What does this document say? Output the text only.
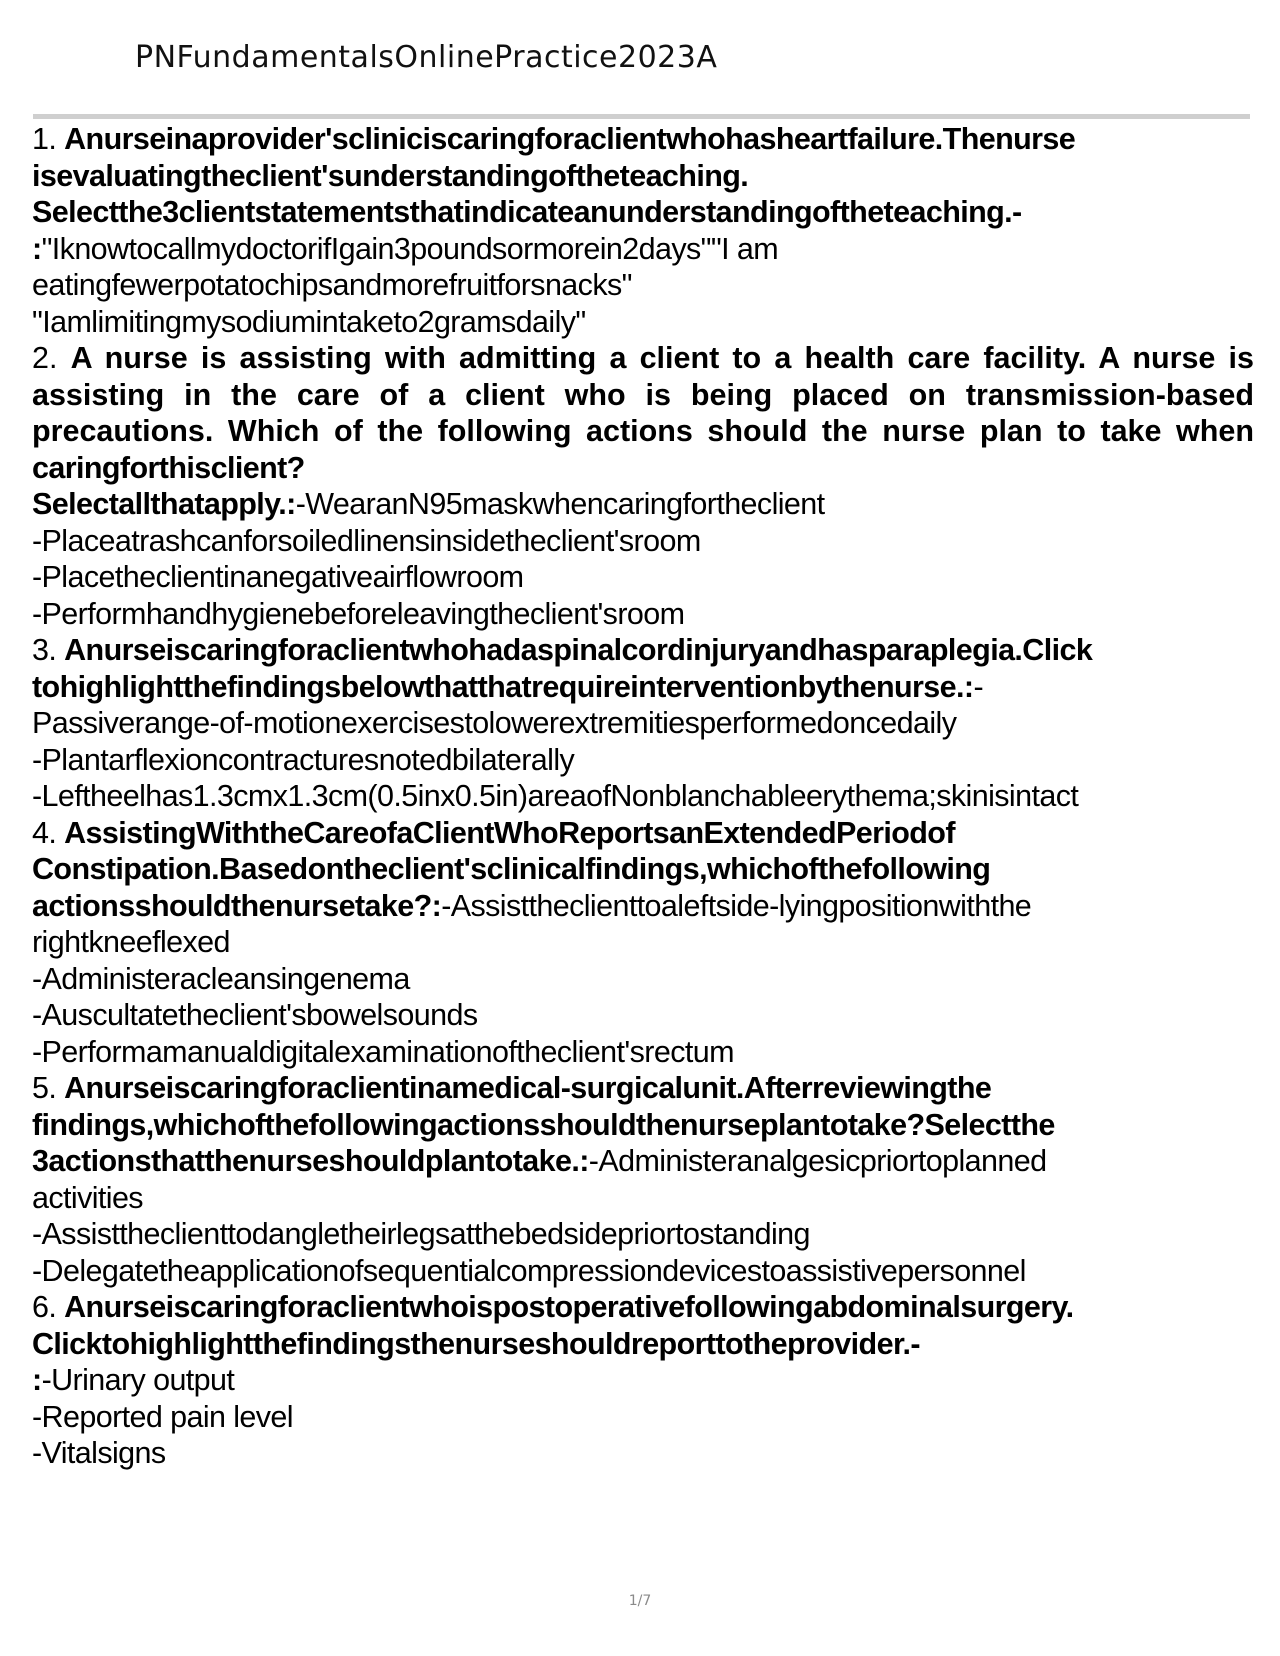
PNFundamentalsOnlinePractice2023A
1. Anurseinaprovider'scliniciscaringforaclientwhohasheartfailure.Thenurse
isevaluatingtheclient'sunderstandingoftheteaching.
Selectthe3clientstatementsthatindicateanunderstandingoftheteaching.-
:"IknowtocallmydoctorifIgain3poundsormorein2days""I am
eatingfewerpotatochipsandmorefruitforsnacks"
"Iamlimitingmysodiumintaketo2gramsdaily"
2. A nurse is assisting with admitting a client to a health care facility. A nurse is
assisting in the care of a client who is being placed on transmission-based
precautions. Which of the following actions should the nurse plan to take when
caringforthisclient?
Selectallthatapply.:-WearanN95maskwhencaringfortheclient
-Placeatrashcanforsoiledlinensinsidetheclient'sroom
-Placetheclientinanegativeairflowroom
-Performhandhygienebeforeleavingtheclient'sroom
3. Anurseiscaringforaclientwhohadaspinalcordinjuryandhasparaplegia.Click
tohighlightthefindingsbelowthatthatrequireinterventionbythenurse.:-
Passiverange-of-motionexercisestolowerextremitiesperformedoncedaily
-Plantarflexioncontracturesnotedbilaterally
-Leftheelhas1.3cmx1.3cm(0.5inx0.5in)areaofNonblanchableerythema;skinisintact
4. AssistingWiththeCareofaClientWhoReportsanExtendedPeriodof
Constipation.Basedontheclient'sclinicalfindings,whichofthefollowing
actionsshouldthenursetake?:-Assisttheclienttoaleftside-lyingpositionwiththe
rightkneeflexed
-Administeracleansingenema
-Auscultatetheclient'sbowelsounds
-Performamanualdigitalexaminationoftheclient'srectum
5. Anurseiscaringforaclientinamedical-surgicalunit.Afterreviewingthe
findings,whichofthefollowingactionsshouldthenurseplantotake?Selectthe
3actionsthatthenurseshouldplantotake.:-Administeranalgesicpriortoplanned
activities
-Assisttheclienttodangletheirlegsatthebedsidepriortostanding
-Delegatetheapplicationofsequentialcompressiondevicestoassistivepersonnel
6. Anurseiscaringforaclientwhoispostoperativefollowingabdominalsurgery.
Clicktohighlightthefindingsthenurseshouldreporttotheprovider.-
:-Urinary output
-Reported pain level
-Vitalsigns
1/7
